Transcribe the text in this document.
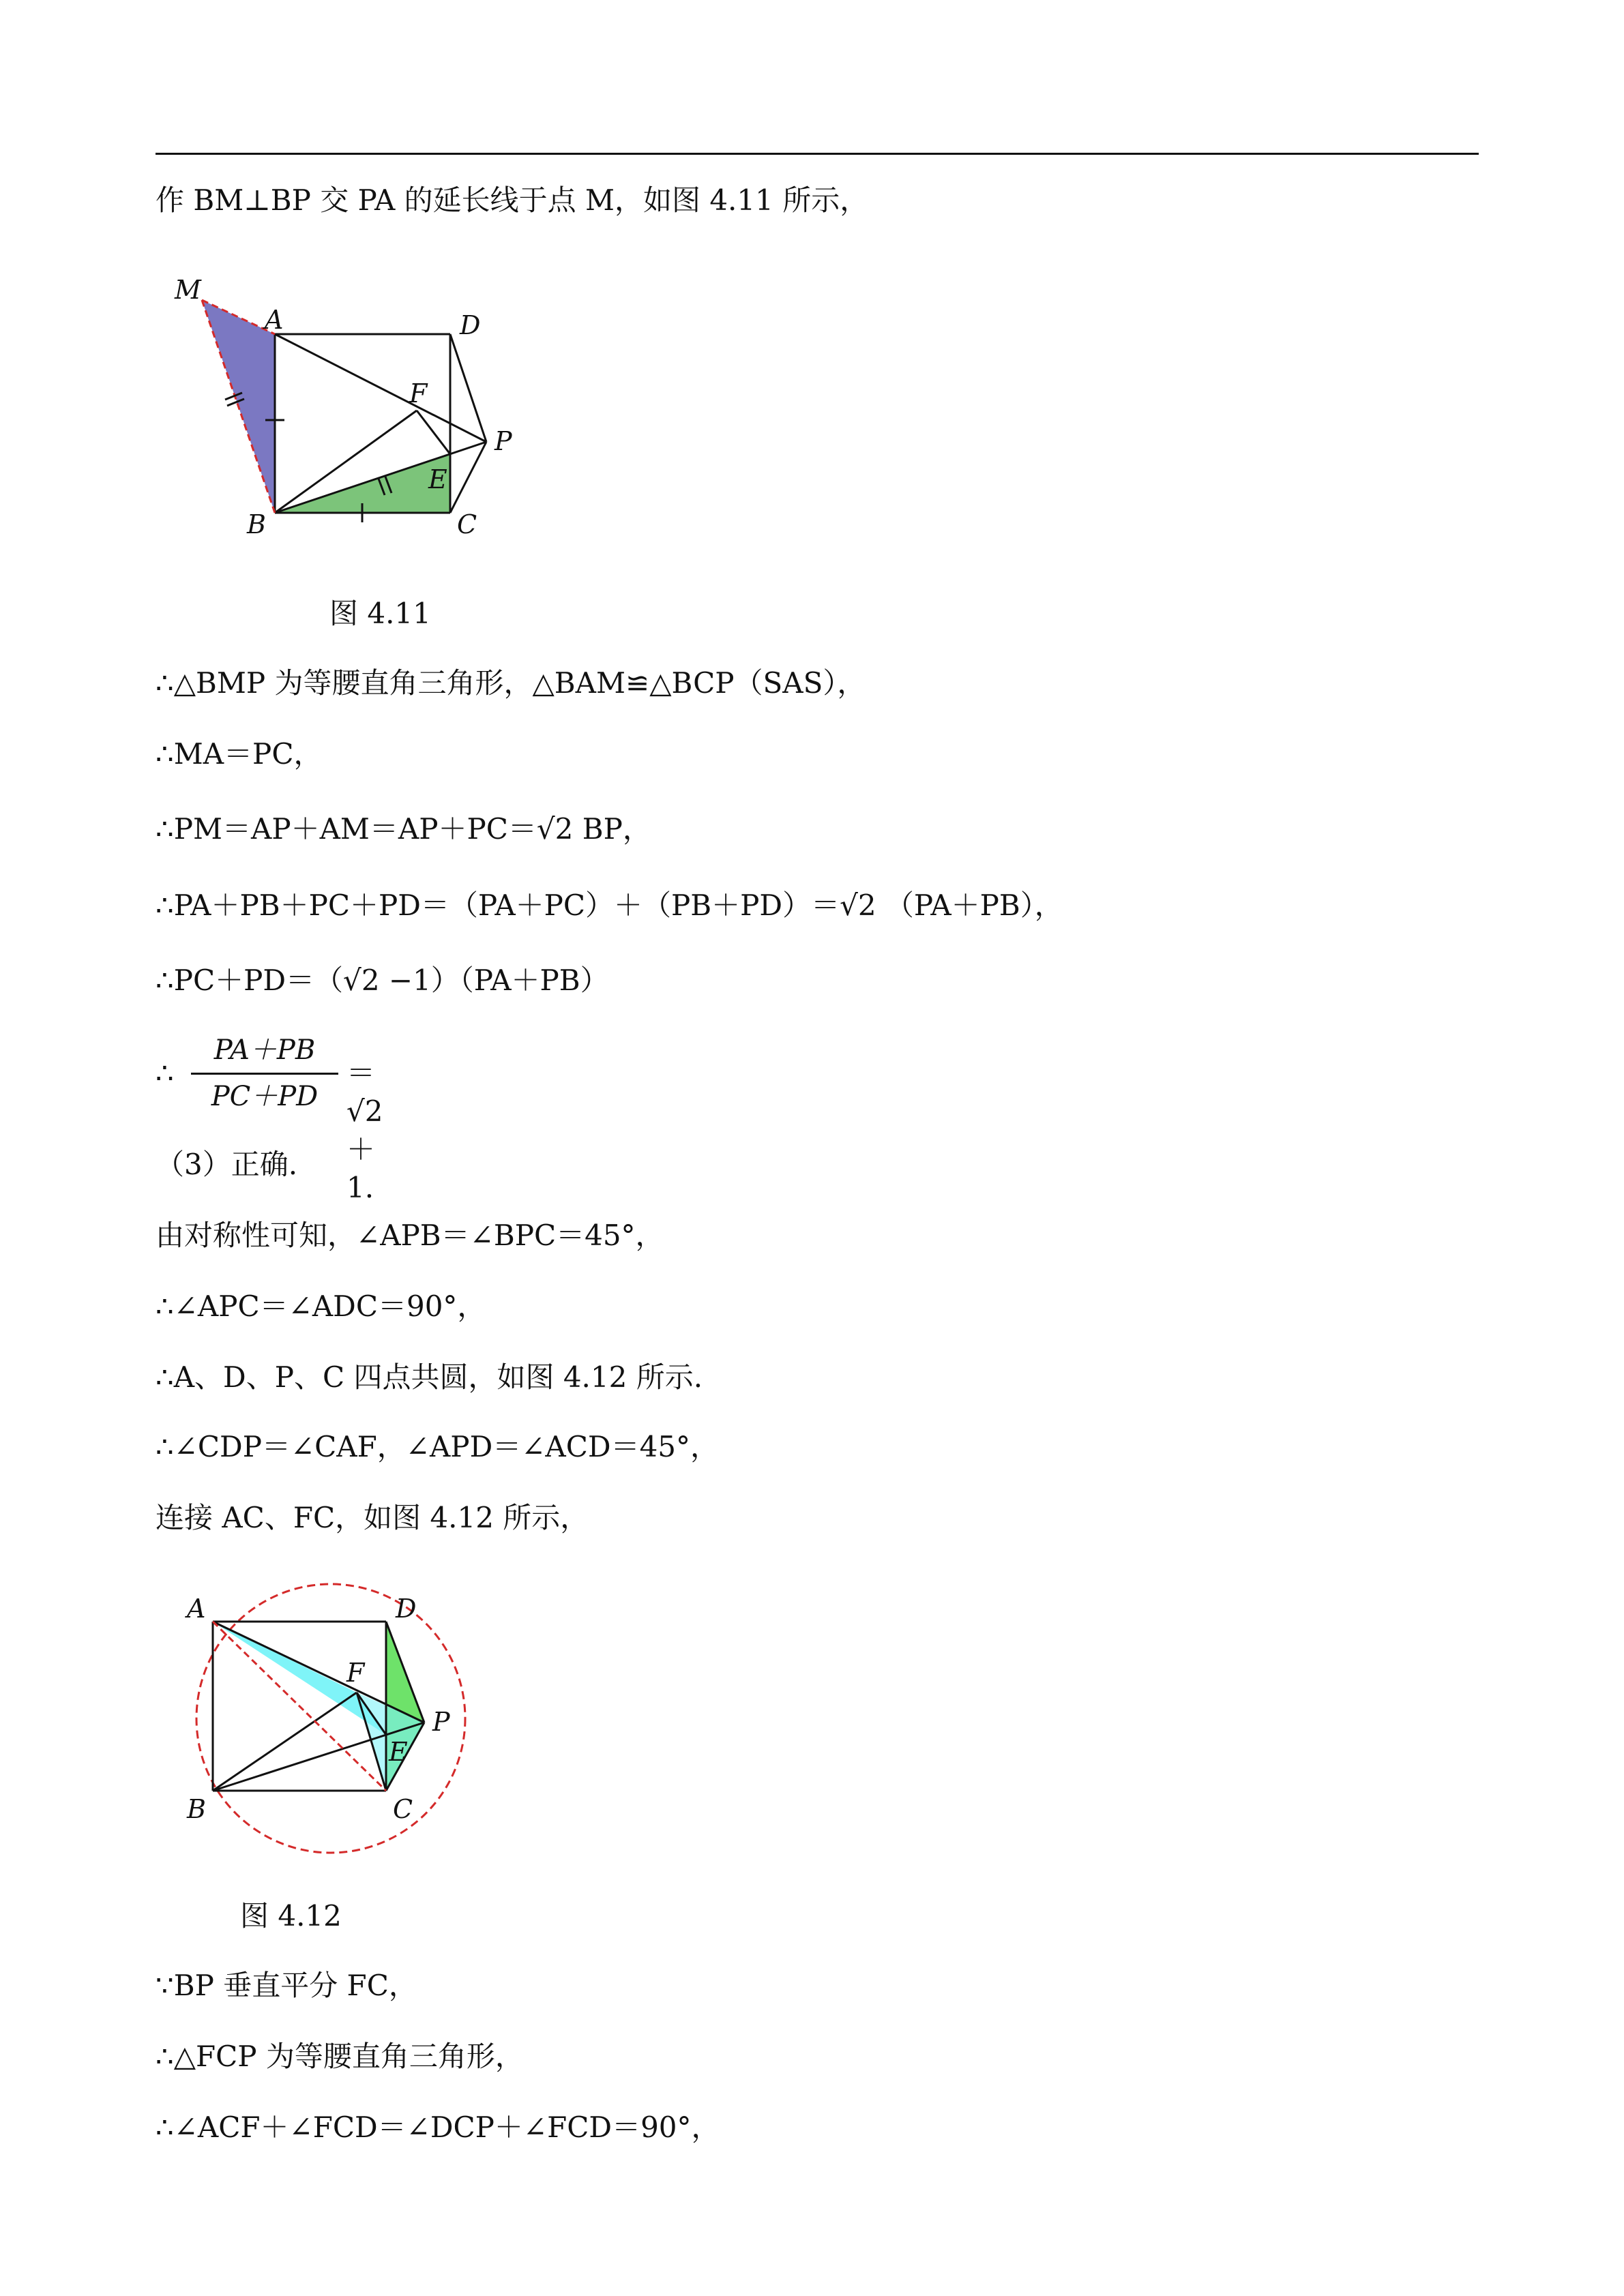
作 BM⊥BP 交 PA 的延长线于点 M，如图 4.11 所示，
M
A	D
F
P
E
B	C
图 4.11
∴△BMP 为等腰直角三角形，△BAM≌△BCP（SAS），
∴MA＝PC，
∴PM＝AP＋AM＝AP＋PC＝√2 BP，
∴PA＋PB＋PC＋PD＝（PA＋PC）＋（PB＋PD）＝√2 （PA＋PB），
∴PC＋PD＝（√2 −1）（PA＋PB）
∴
PA＋PB
PC＋PD
＝√2 ＋1.
（3）正确.
由对称性可知，∠APB＝∠BPC＝45°，
∴∠APC＝∠ADC＝90°，
∴A、D、P、C 四点共圆，如图 4.12 所示.
∴∠CDP＝∠CAF，∠APD＝∠ACD＝45°，
连接 AC、FC，如图 4.12 所示，
A	D
F
P
E
B	C
图 4.12
∵BP 垂直平分 FC，
∴△FCP 为等腰直角三角形，
∴∠ACF＋∠FCD＝∠DCP＋∠FCD＝90°，
